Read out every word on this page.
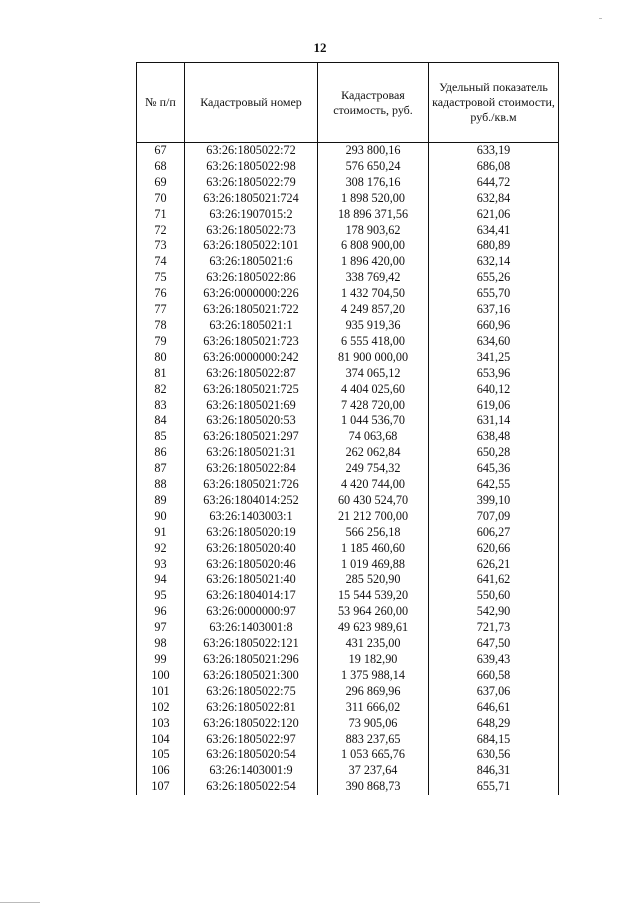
12
№ п/п	Кадастровый номер	Кадастровая стоимость, руб.	Удельный показатель кадастровой стоимости, руб./кв.м
67	63:26:1805022:72	293 800,16	633,19
68	63:26:1805022:98	576 650,24	686,08
69	63:26:1805022:79	308 176,16	644,72
70	63:26:1805021:724	1 898 520,00	632,84
71	63:26:1907015:2	18 896 371,56	621,06
72	63:26:1805022:73	178 903,62	634,41
73	63:26:1805022:101	6 808 900,00	680,89
74	63:26:1805021:6	1 896 420,00	632,14
75	63:26:1805022:86	338 769,42	655,26
76	63:26:0000000:226	1 432 704,50	655,70
77	63:26:1805021:722	4 249 857,20	637,16
78	63:26:1805021:1	935 919,36	660,96
79	63:26:1805021:723	6 555 418,00	634,60
80	63:26:0000000:242	81 900 000,00	341,25
81	63:26:1805022:87	374 065,12	653,96
82	63:26:1805021:725	4 404 025,60	640,12
83	63:26:1805021:69	7 428 720,00	619,06
84	63:26:1805020:53	1 044 536,70	631,14
85	63:26:1805021:297	74 063,68	638,48
86	63:26:1805021:31	262 062,84	650,28
87	63:26:1805022:84	249 754,32	645,36
88	63:26:1805021:726	4 420 744,00	642,55
89	63:26:1804014:252	60 430 524,70	399,10
90	63:26:1403003:1	21 212 700,00	707,09
91	63:26:1805020:19	566 256,18	606,27
92	63:26:1805020:40	1 185 460,60	620,66
93	63:26:1805020:46	1 019 469,88	626,21
94	63:26:1805021:40	285 520,90	641,62
95	63:26:1804014:17	15 544 539,20	550,60
96	63:26:0000000:97	53 964 260,00	542,90
97	63:26:1403001:8	49 623 989,61	721,73
98	63:26:1805022:121	431 235,00	647,50
99	63:26:1805021:296	19 182,90	639,43
100	63:26:1805021:300	1 375 988,14	660,58
101	63:26:1805022:75	296 869,96	637,06
102	63:26:1805022:81	311 666,02	646,61
103	63:26:1805022:120	73 905,06	648,29
104	63:26:1805022:97	883 237,65	684,15
105	63:26:1805020:54	1 053 665,76	630,56
106	63:26:1403001:9	37 237,64	846,31
107	63:26:1805022:54	390 868,73	655,71
